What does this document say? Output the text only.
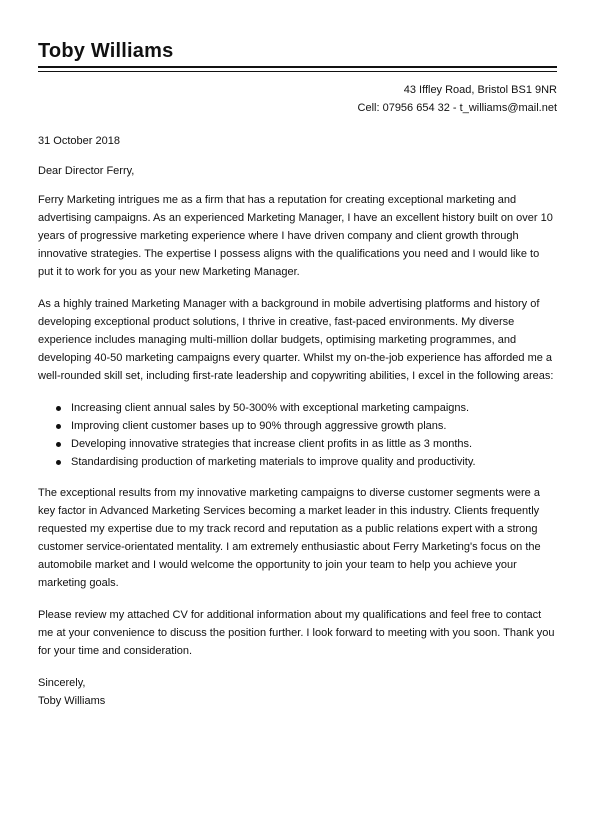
Toby Williams
43 Iffley Road, Bristol BS1 9NR
Cell: 07956 654 32 - t_williams@mail.net

31 October 2018

Dear Director Ferry,

Ferry Marketing intrigues me as a firm that has a reputation for creating exceptional marketing and advertising campaigns. As an experienced Marketing Manager, I have an excellent history built on over 10 years of progressive marketing experience where I have driven company and client growth through innovative strategies. The expertise I possess aligns with the qualifications you need and I would like to put it to work for you as your new Marketing Manager.

As a highly trained Marketing Manager with a background in mobile advertising platforms and history of developing exceptional product solutions, I thrive in creative, fast-paced environments. My diverse experience includes managing multi-million dollar budgets, optimising marketing programmes, and developing 40-50 marketing campaigns every quarter. Whilst my on-the-job experience has afforded me a well-rounded skill set, including first-rate leadership and copywriting abilities, I excel in the following areas:

Increasing client annual sales by 50-300% with exceptional marketing campaigns.
Improving client customer bases up to 90% through aggressive growth plans.
Developing innovative strategies that increase client profits in as little as 3 months.
Standardising production of marketing materials to improve quality and productivity.

The exceptional results from my innovative marketing campaigns to diverse customer segments were a key factor in Advanced Marketing Services becoming a market leader in this industry. Clients frequently requested my expertise due to my track record and reputation as a public relations expert with a strong customer service-orientated mentality. I am extremely enthusiastic about Ferry Marketing's focus on the automobile market and I would welcome the opportunity to join your team to help you achieve your marketing goals.

Please review my attached CV for additional information about my qualifications and feel free to contact me at your convenience to discuss the position further. I look forward to meeting with you soon. Thank you for your time and consideration.

Sincerely,
Toby Williams
